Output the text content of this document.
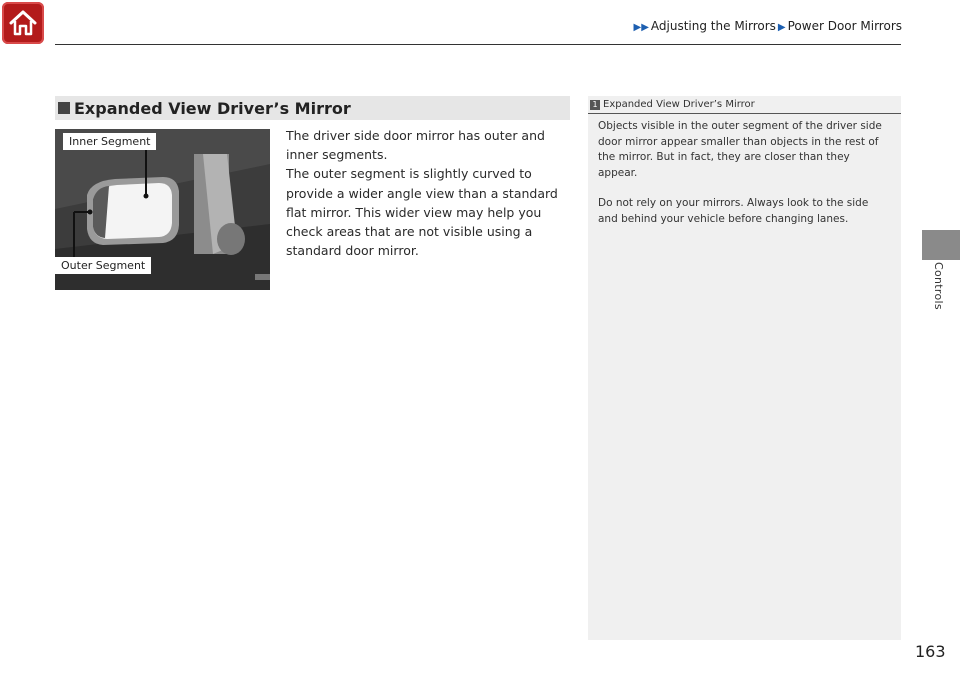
▶▶ Adjusting the Mirrors ▶ Power Door Mirrors
Controls
Expanded View Driver’s Mirror
Inner Segment
Outer Segment

The driver side door mirror has outer and inner segments.

The outer segment is slightly curved to provide a wider angle view than a standard flat mirror. This wider view may help you check areas that are not visible using a standard door mirror.

1 Expanded View Driver’s Mirror

Objects visible in the outer segment of the driver side door mirror appear smaller than objects in the rest of the mirror. But in fact, they are closer than they appear.

Do not rely on your mirrors. Always look to the side and behind your vehicle before changing lanes.

163
